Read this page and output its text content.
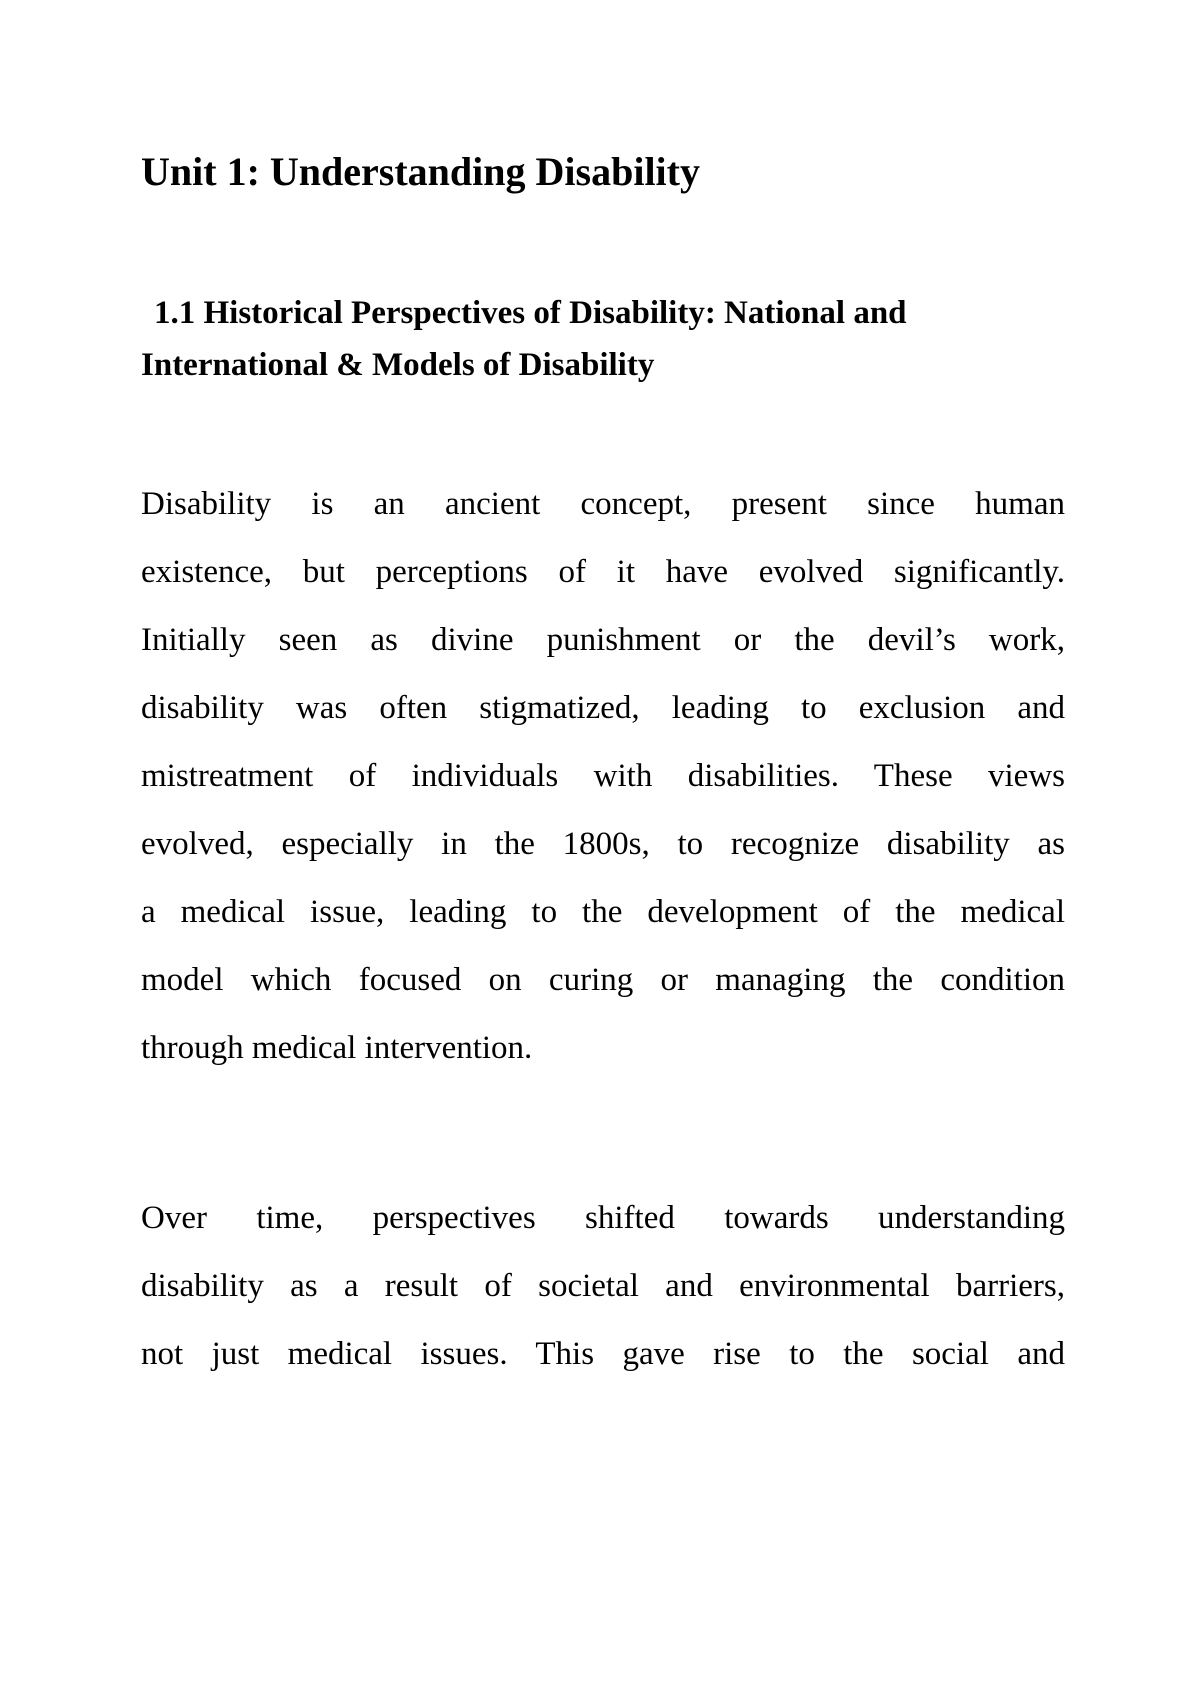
Unit 1: Understanding Disability
1.1 Historical Perspectives of Disability: National and
International & Models of Disability
Disability is an ancient concept, present since human
existence, but perceptions of it have evolved significantly.
Initially seen as divine punishment or the devil’s work,
disability was often stigmatized, leading to exclusion and
mistreatment of individuals with disabilities. These views
evolved, especially in the 1800s, to recognize disability as
a medical issue, leading to the development of the medical
model which focused on curing or managing the condition
through medical intervention.
Over time, perspectives shifted towards understanding
disability as a result of societal and environmental barriers,
not just medical issues. This gave rise to the social and
